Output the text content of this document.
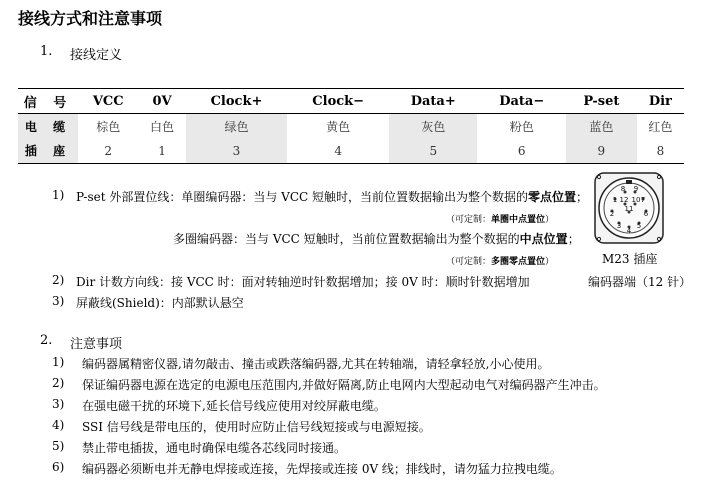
接线方式和注意事项
1. 接线定义
信 号	VCC	0V	Clock+	Clock−	Data+	Data−	P-set	Dir
电 缆	棕色	白色	绿色	黄色	灰色	粉色	蓝色	红色
插 座	2	1	3	4	5	6	9	8
1) P-set 外部置位线：单圈编码器：当与 VCC 短触时，当前位置数据输出为整个数据的零点位置；
（可定制：单圈中点置位）
多圈编码器：当与 VCC 短触时，当前位置数据输出为整个数据的中点位置；
（可定制：多圈零点置位）
2) Dir 计数方向线：接 VCC 时：面对转轴逆时针数据增加；接 0V 时：顺时针数据增加
3) 屏蔽线(Shield)：内部默认悬空
8 9
1	7
12 10
2
11
6
3 5
4
M23 插座
编码器端（12 针）
2. 注意事项
1) 编码器属精密仪器,请勿敲击、撞击或跌落编码器,尤其在转轴端，请轻拿轻放,小心使用。
2) 保证编码器电源在选定的电源电压范围内,并做好隔离,防止电网内大型起动电气对编码器产生冲击。
3) 在强电磁干扰的环境下,延长信号线应使用对绞屏蔽电缆。
4) SSI 信号线是带电压的，使用时应防止信号线短接或与电源短接。
5) 禁止带电插拔，通电时确保电缆各芯线同时接通。
6) 编码器必须断电并无静电焊接或连接，先焊接或连接 0V 线；排线时，请勿猛力拉拽电缆。
